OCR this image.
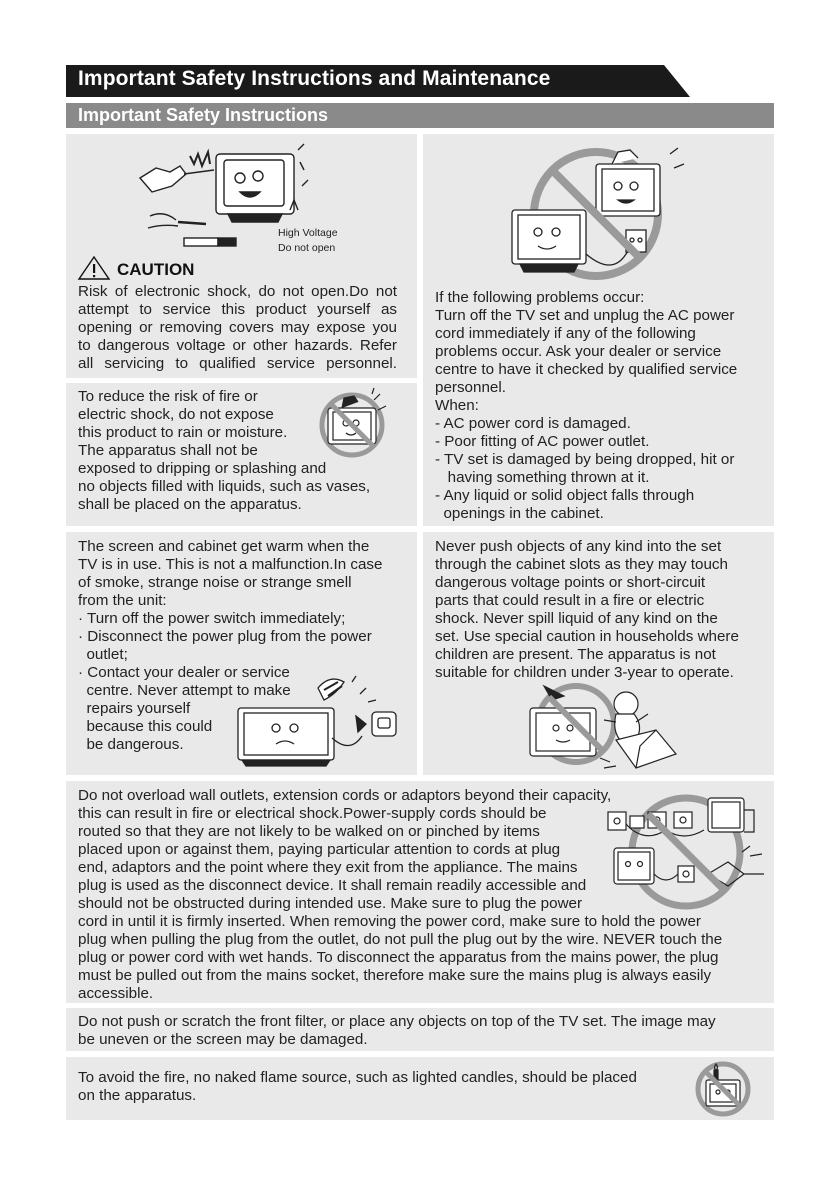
Important Safety Instructions and Maintenance
Important Safety Instructions
High Voltage
Do not open
CAUTION
Risk of electronic shock, do not open.Do not
attempt to service this product yourself as
opening or removing covers may expose you
to dangerous voltage or other hazards. Refer
all servicing to qualified service personnel.
To reduce the risk of fire or
electric shock, do not expose
this product to rain or moisture.
The apparatus shall not be
exposed to dripping or splashing and
no objects filled with liquids, such as vases,
shall be placed on the apparatus.
If the following problems occur:
Turn off the TV set and unplug the AC power
cord immediately if any of the following
problems occur. Ask your dealer or service
centre to have it checked by qualified service
personnel.
When:
- AC power cord is damaged.
- Poor fitting of AC power outlet.
- TV set is damaged by being dropped, hit or
having something thrown at it.
- Any liquid or solid object falls through
openings in the cabinet.
The screen and cabinet get warm when the
TV is in use. This is not a malfunction.In case
of smoke, strange noise or strange smell
from the unit:
· Turn off the power switch immediately;
· Disconnect the power plug from the power
outlet;
· Contact your dealer or service
centre. Never attempt to make
repairs yourself
because this could
be dangerous.
Never push objects of any kind into the set
through the cabinet slots as they may touch
dangerous voltage points or short-circuit
parts that could result in a fire or electric
shock. Never spill liquid of any kind on the
set. Use special caution in households where
children are present. The apparatus is not
suitable for children under 3-year to operate.
Do not overload wall outlets, extension cords or adaptors beyond their capacity,
this can result in fire or electrical shock.Power-supply cords should be
routed so that they are not likely to be walked on or pinched by items
placed upon or against them, paying particular attention to cords at plug
end, adaptors and the point where they exit from the appliance. The mains
plug is used as the disconnect device. It shall remain readily accessible and
should not be obstructed during intended use. Make sure to plug the power
cord in until it is firmly inserted. When removing the power cord, make sure to hold the power
plug when pulling the plug from the outlet, do not pull the plug out by the wire. NEVER touch the
plug or power cord with wet hands. To disconnect the apparatus from the mains power, the plug
must be pulled out from the mains socket, therefore make sure the mains plug is always easily
accessible.
Do not push or scratch the front filter, or place any objects on top of the TV set. The image may
be uneven or the screen may be damaged.
To avoid the fire, no naked flame source, such as lighted candles, should be placed
on the apparatus.
